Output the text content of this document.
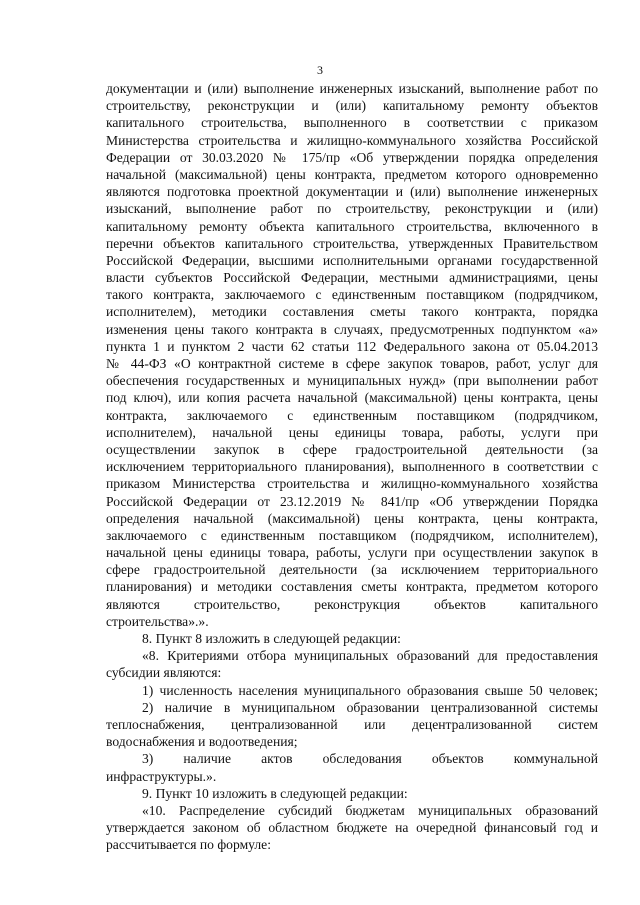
3
документации и (или) выполнение инженерных изысканий, выполнение работ по
строительству, реконструкции и (или) капитальному ремонту объектов
капитального строительства, выполненного в соответствии с приказом
Министерства строительства и жилищно-коммунального хозяйства Российской
Федерации от 30.03.2020 № 175/пр «Об утверждении порядка определения
начальной (максимальной) цены контракта, предметом которого одновременно
являются подготовка проектной документации и (или) выполнение инженерных
изысканий, выполнение работ по строительству, реконструкции и (или)
капитальному ремонту объекта капитального строительства, включенного в
перечни объектов капитального строительства, утвержденных Правительством
Российской Федерации, высшими исполнительными органами государственной
власти субъектов Российской Федерации, местными администрациями, цены
такого контракта, заключаемого с единственным поставщиком (подрядчиком,
исполнителем), методики составления сметы такого контракта, порядка
изменения цены такого контракта в случаях, предусмотренных подпунктом «а»
пункта 1 и пунктом 2 части 62 статьи 112 Федерального закона от 05.04.2013
№ 44-ФЗ «О контрактной системе в сфере закупок товаров, работ, услуг для
обеспечения государственных и муниципальных нужд» (при выполнении работ
под ключ), или копия расчета начальной (максимальной) цены контракта, цены
контракта, заключаемого с единственным поставщиком (подрядчиком,
исполнителем), начальной цены единицы товара, работы, услуги при
осуществлении закупок в сфере градостроительной деятельности (за
исключением территориального планирования), выполненного в соответствии с
приказом Министерства строительства и жилищно-коммунального хозяйства
Российской Федерации от 23.12.2019 № 841/пр «Об утверждении Порядка
определения начальной (максимальной) цены контракта, цены контракта,
заключаемого с единственным поставщиком (подрядчиком, исполнителем),
начальной цены единицы товара, работы, услуги при осуществлении закупок в
сфере градостроительной деятельности (за исключением территориального
планирования) и методики составления сметы контракта, предметом которого
являются строительство, реконструкция объектов капитального
строительства».».
8. Пункт 8 изложить в следующей редакции:
«8. Критериями отбора муниципальных образований для предоставления
субсидии являются:
1) численность населения муниципального образования свыше 50 человек;
2) наличие в муниципальном образовании централизованной системы
теплоснабжения, централизованной или децентрализованной систем
водоснабжения и водоотведения;
3) наличие актов обследования объектов коммунальной
инфраструктуры.».
9. Пункт 10 изложить в следующей редакции:
«10. Распределение субсидий бюджетам муниципальных образований
утверждается законом об областном бюджете на очередной финансовый год и
рассчитывается по формуле:
